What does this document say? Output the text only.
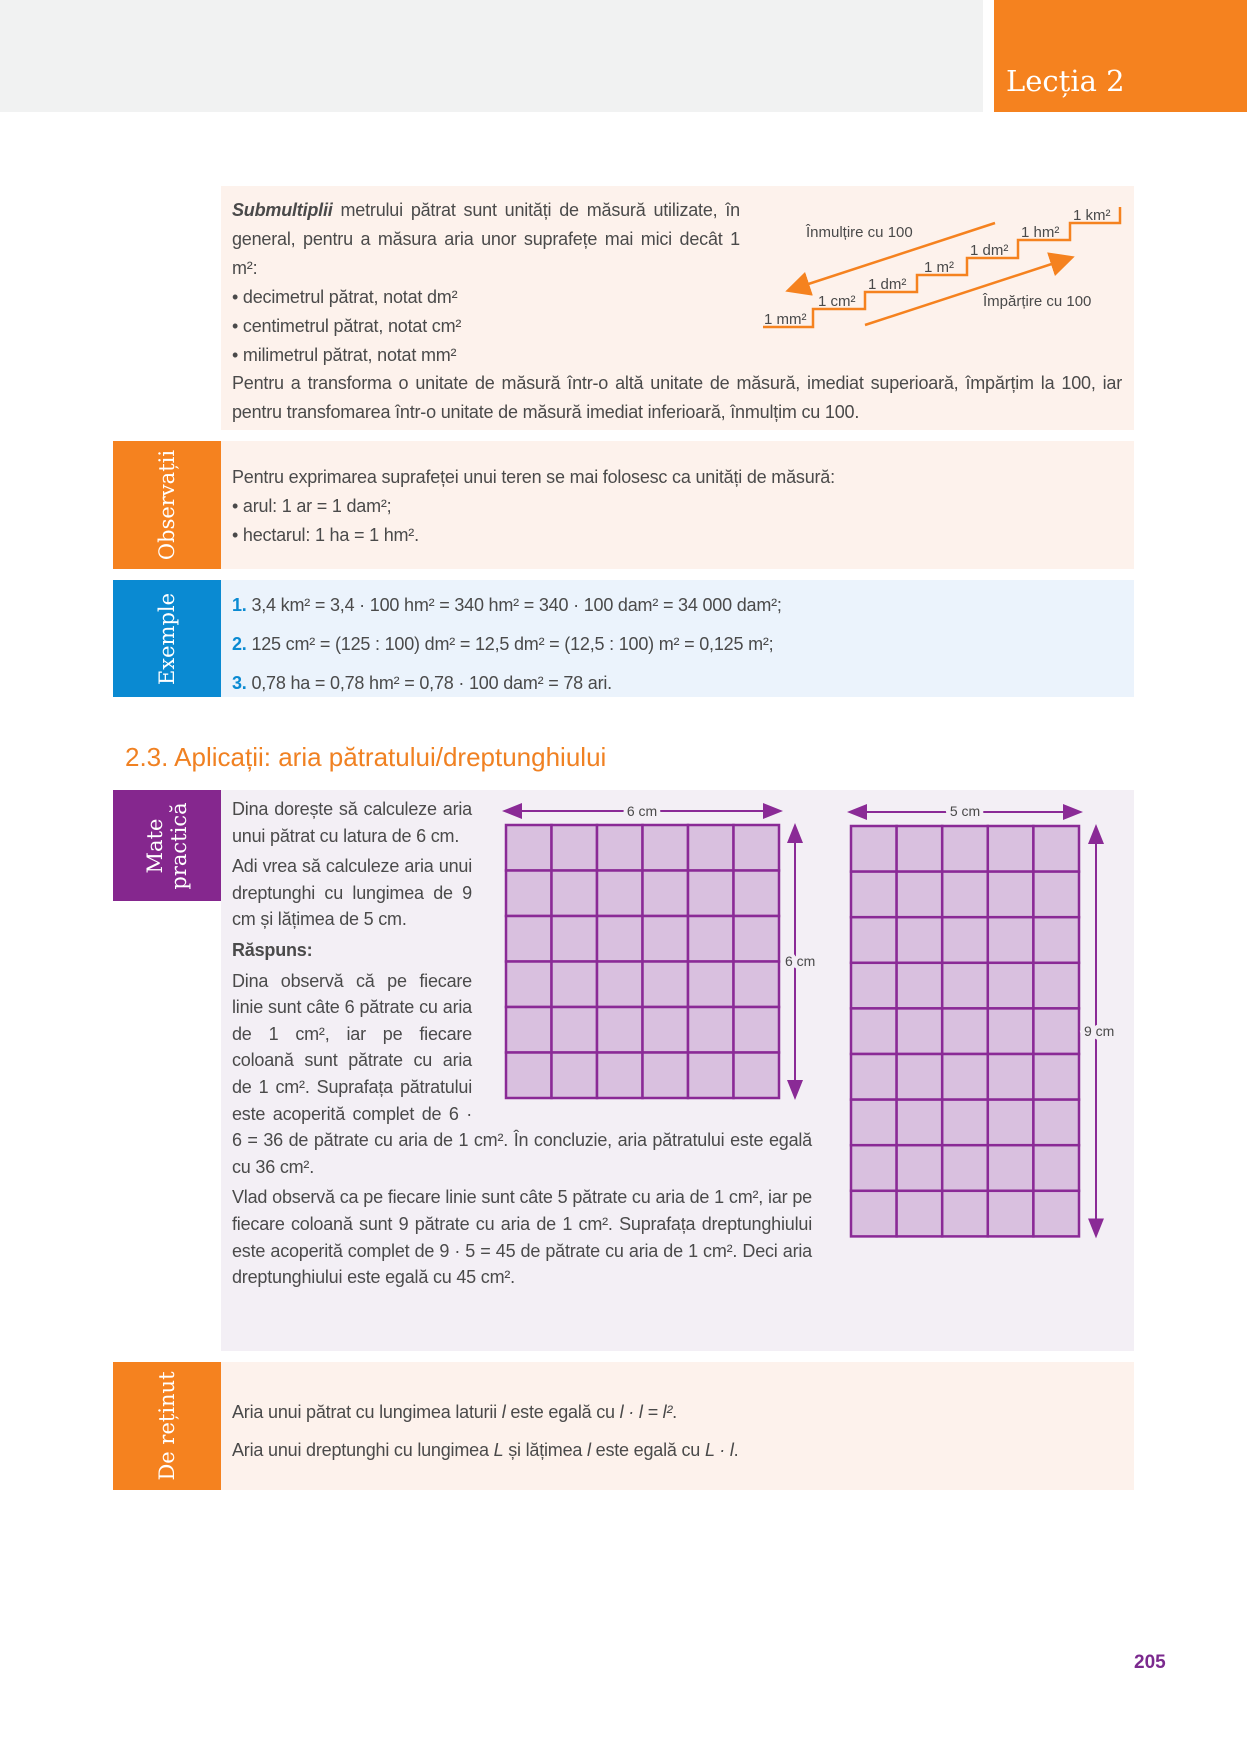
Lecția 2

Submultiplii metrului pătrat sunt unități de măsură utilizate, în general, pentru a măsura aria unor suprafețe mai mici decât 1 m²:

• decimetrul pătrat, notat dm²

• centimetrul pătrat, notat cm²

• milimetrul pătrat, notat mm²

Pentru a transforma o unitate de măsură într-o altă unitate de măsură, imediat superioară, împărțim la 100, iar pentru transfomarea într-o unitate de măsură imediat inferioară, înmulțim cu 100.
1 mm²
1 cm²
1 dm²
1 m²
1 dm²
1 hm²
1 km²
Înmulțire cu 100
Împărțire cu 100
Observații	Pentru exprimarea suprafeței unui teren se mai folosesc ca unități de măsură:

• arul: 1 ar = 1 dam²;

• hectarul: 1 ha = 1 hm².

Exemple	1. 3,4 km² = 3,4 · 100 hm² = 340 hm² = 340 · 100 dam² = 34 000 dam²;

2. 125 cm² = (125 : 100) dm² = 12,5 dm² = (12,5 : 100) m² = 0,125 m²;

3. 0,78 ha = 0,78 hm² = 0,78 · 100 dam² = 78 ari.

2.3. Aplicații: aria pătratului/dreptunghiului
Mate practică Dina dorește să calculeze aria unui pătrat cu latura de 6 cm.

Adi vrea să calculeze aria unui dreptunghi cu lungimea de 9 cm și lățimea de 5 cm.

Răspuns:

Dina observă că pe fiecare linie sunt câte 6 pătrate cu aria de 1 cm², iar pe fiecare coloană sunt pătrate cu aria de 1 cm². Suprafața pătratului este acoperită complet de 6 · 6 = 36 de pătrate cu aria de 1 cm². În concluzie, aria pătratului este egală cu 36 cm².

Vlad observă ca pe fiecare linie sunt câte 5 pătrate cu aria de 1 cm², iar pe fiecare coloană sunt 9 pătrate cu aria de 1 cm². Suprafața dreptunghiului este acoperită complet de 9 · 5 = 45 de pătrate cu aria de 1 cm². Deci aria dreptunghiului este egală cu 45 cm².

6 cm
6 cm
5 cm
9 cm
De reținut	Aria unui pătrat cu lungimea laturii l este egală cu l · l = l².

Aria unui dreptunghi cu lungimea L și lățimea l este egală cu L · l.

205
